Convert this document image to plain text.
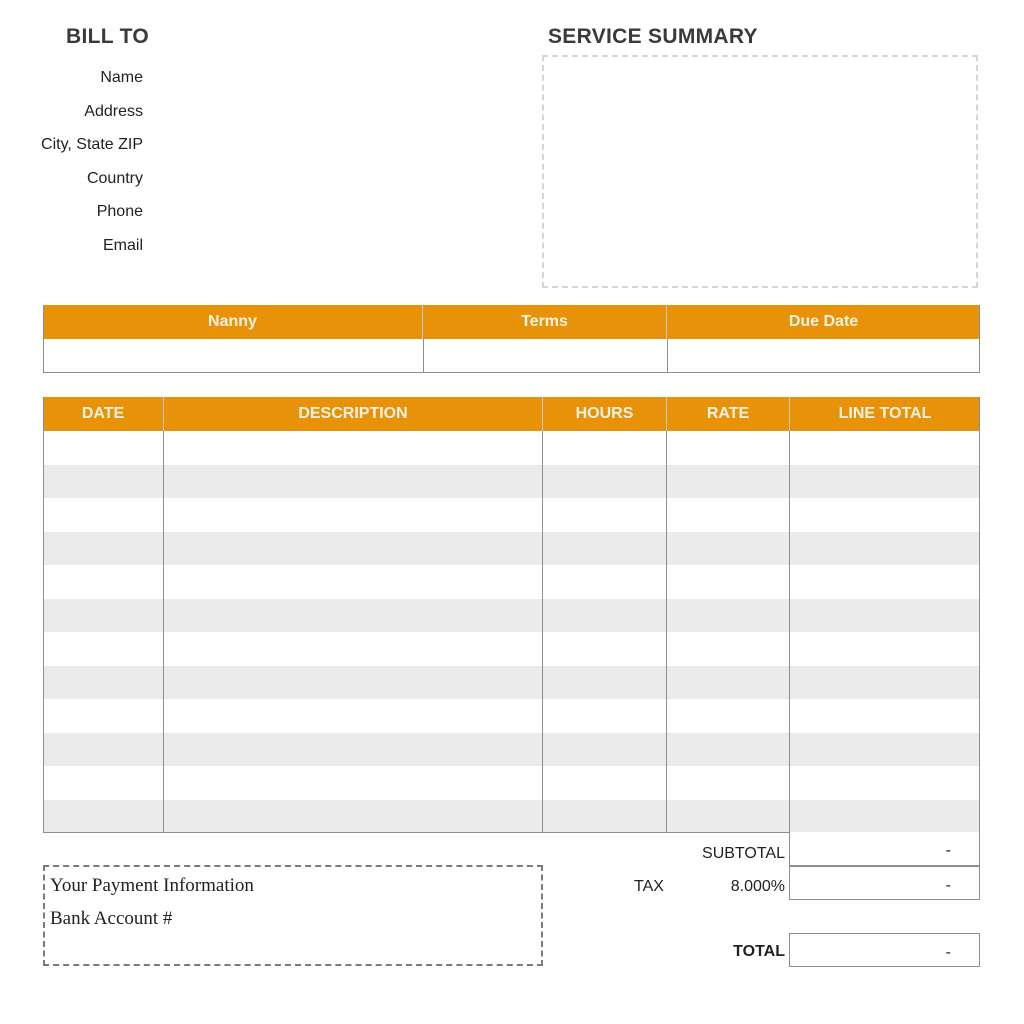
BILL TO
Name
Address
City, State ZIP
Country
Phone
Email
SERVICE SUMMARY
Nanny	Terms	Due Date
DATE	DESCRIPTION	HOURS	RATE	LINE TOTAL
SUBTOTAL	-
TAX	8.000%	-
TOTAL	-
Your Payment Information
Bank Account #
